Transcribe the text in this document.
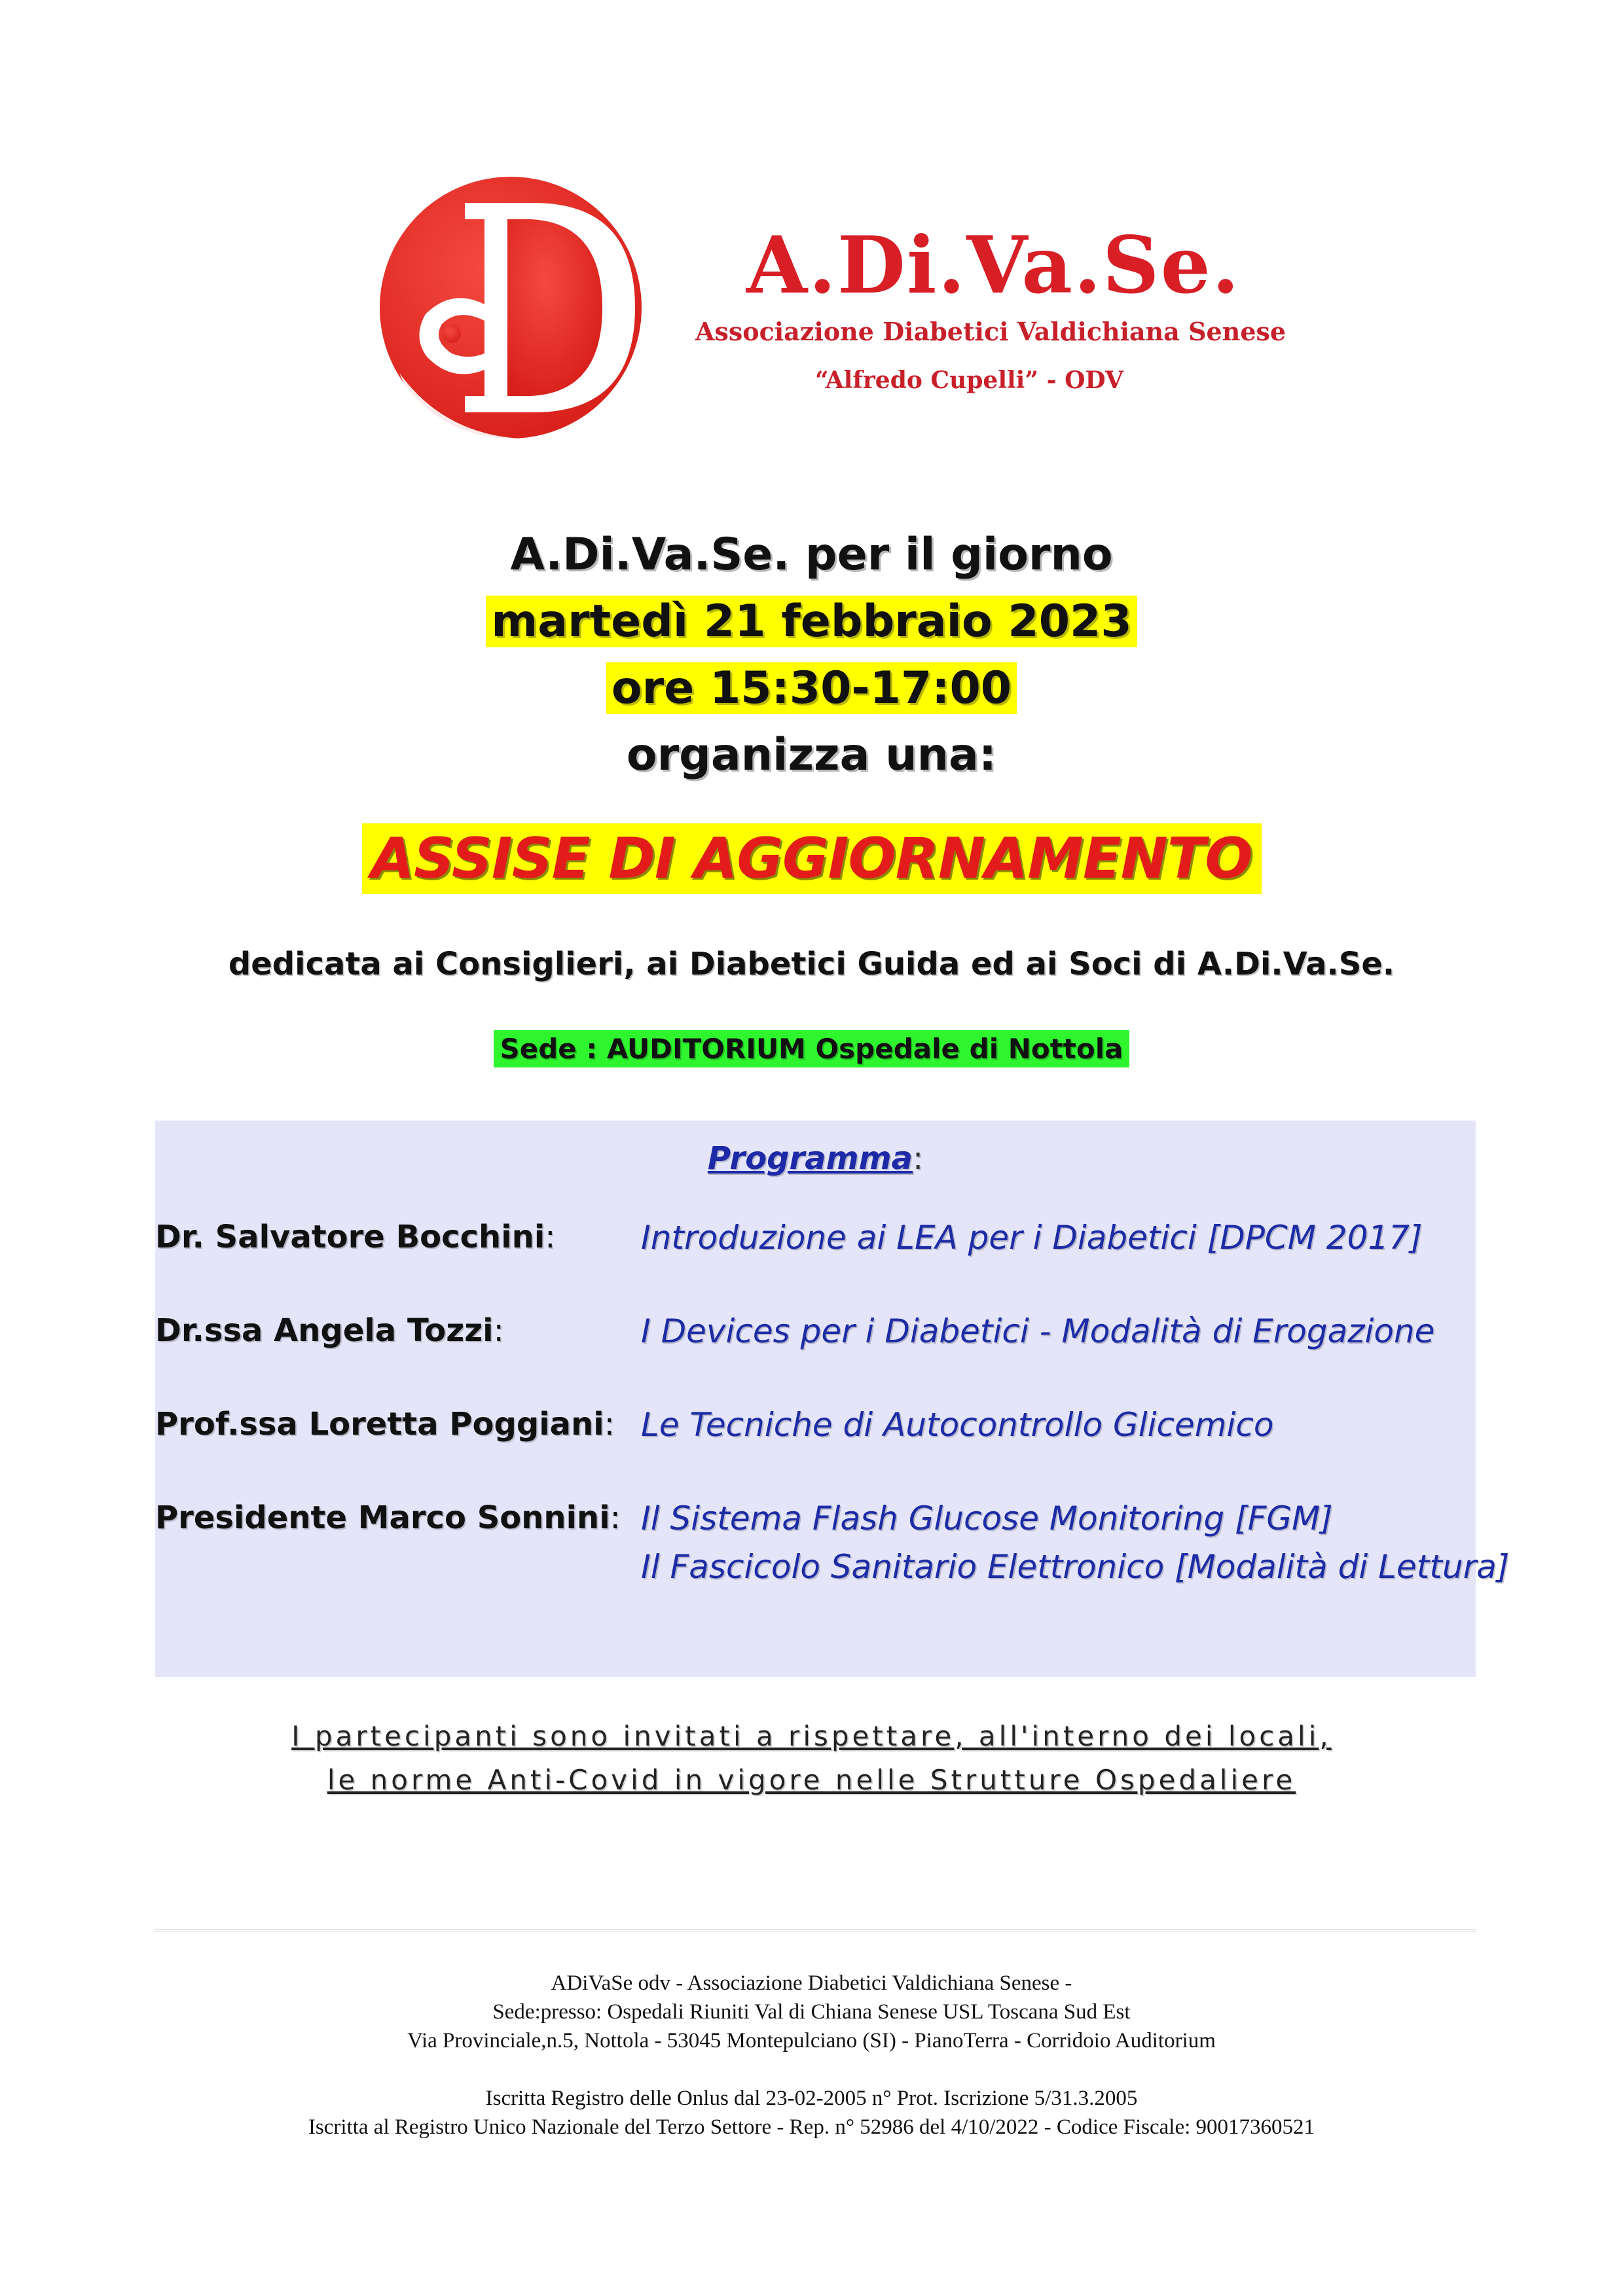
A.Di.Va.Se.
Associazione Diabetici Valdichiana Senese
“Alfredo Cupelli” - ODV
A.Di.Va.Se. per il giorno
martedì 21 febbraio 2023
ore 15:30-17:00
organizza una:
ASSISE DI AGGIORNAMENTO
dedicata ai Consiglieri, ai Diabetici Guida ed ai Soci di A.Di.Va.Se.
Sede : AUDITORIUM Ospedale di Nottola
Programma:
Dr. Salvatore Bocchini:	Introduzione ai LEA per i Diabetici [DPCM 2017]
Dr.ssa Angela Tozzi:	I Devices per i Diabetici - Modalità di Erogazione
Prof.ssa Loretta Poggiani: Le Tecniche di Autocontrollo Glicemico
Presidente Marco Sonnini: Il Sistema Flash Glucose Monitoring [FGM]
Il Fascicolo Sanitario Elettronico [Modalità di Lettura]
I partecipanti sono invitati a rispettare, all'interno dei locali,
le norme Anti-Covid in vigore nelle Strutture Ospedaliere
ADiVaSe odv - Associazione Diabetici Valdichiana Senese -
Sede:presso: Ospedali Riuniti Val di Chiana Senese USL Toscana Sud Est
Via Provinciale,n.5, Nottola - 53045 Montepulciano (SI) - PianoTerra - Corridoio Auditorium
Iscritta Registro delle Onlus dal 23-02-2005 n° Prot. Iscrizione 5/31.3.2005
Iscritta al Registro Unico Nazionale del Terzo Settore - Rep. n° 52986 del 4/10/2022 - Codice Fiscale: 90017360521
